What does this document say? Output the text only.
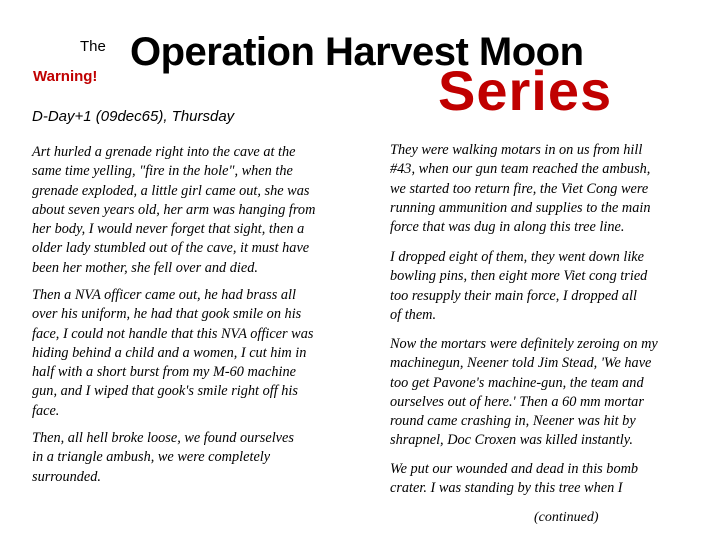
The Operation Harvest Moon
Warning!	Series
D-Day+1 (09dec65), Thursday

Art hurled a grenade right into the cave at the
same time yelling, "fire in the hole", when the
grenade exploded, a little girl came out, she was
about seven years old, her arm was hanging from
her body, I would never forget that sight, then a
older lady stumbled out of the cave, it must have
been her mother, she fell over and died.

Then a NVA officer came out, he had brass all
over his uniform, he had that gook smile on his
face, I could not handle that this NVA officer was
hiding behind a child and a women, I cut him in
half with a short burst from my M-60 machine
gun, and I wiped that gook's smile right off his
face.

Then, all hell broke loose, we found ourselves
in a triangle ambush, we were completely
surrounded.

They were walking motars in on us from hill
#43, when our gun team reached the ambush,
we started too return fire, the Viet Cong were
running ammunition and supplies to the main
force that was dug in along this tree line.

I dropped eight of them, they went down like
bowling pins, then eight more Viet cong tried
too resupply their main force, I dropped all
of them.

Now the mortars were definitely zeroing on my
machinegun, Neener told Jim Stead, 'We have
too get Pavone's machine-gun, the team and
ourselves out of here.' Then a 60 mm mortar
round came crashing in, Neener was hit by
shrapnel, Doc Croxen was killed instantly.

We put our wounded and dead in this bomb
crater. I was standing by this tree when I

(continued)
